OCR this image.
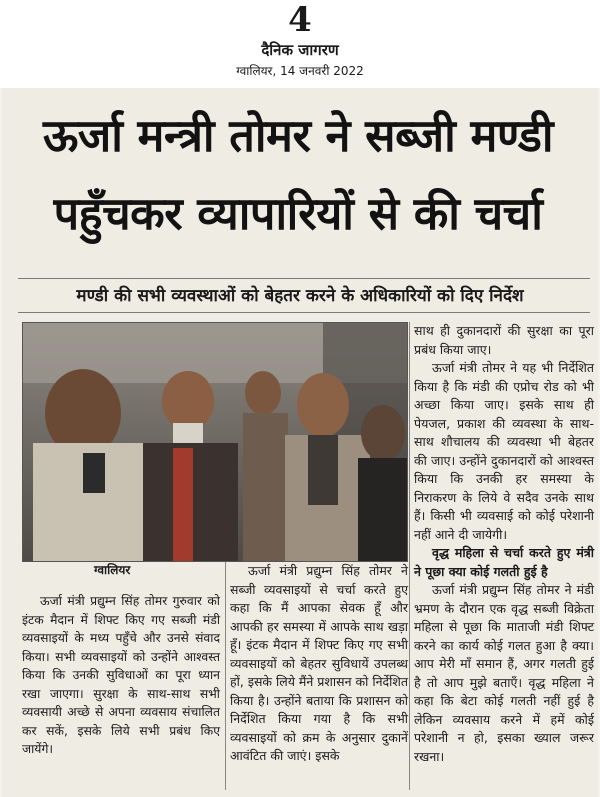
4
दैनिक जागरण
ग्वालियर, 14 जनवरी 2022
ऊर्जा मन्त्री तोमर ने सब्जी मण्डी
पहुँचकर व्यापारियों से की चर्चा
मण्डी की सभी व्यवस्थाओं को बेहतर करने के अधिकारियों को दिए निर्देश
ग्वालियर

साथ ही दुकानदारों की सुरक्षा का पूरा प्रबंध किया जाए।

ऊर्जा मंत्री तोमर ने यह भी निर्देशित किया है कि मंडी की एप्रोच रोड को भी अच्छा किया जाए। इसके साथ ही पेयजल, प्रकाश की व्यवस्था के साथ-साथ शौचालय की व्यवस्था भी बेहतर की जाए। उन्होंने दुकानदारों को आश्वस्त किया कि उनकी हर समस्या के निराकरण के लिये वे सदैव उनके साथ हैं। किसी भी व्यवसाई को कोई परेशानी नहीं आने दी जायेगी।

वृद्ध महिला से चर्चा करते हुए मंत्री ने पूछा क्या कोई गलती हुई है

ऊर्जा मंत्री प्रद्युम्न सिंह तोमर ने मंडी भ्रमण के दौरान एक वृद्ध सब्जी विक्रेता महिला से पूछा कि माताजी मंडी शिफ्ट करने का कार्य कोई गलत हुआ है क्या। आप मेरी माँ समान हैं, अगर गलती हुई है तो आप मुझे बताएँ। वृद्ध महिला ने कहा कि बेटा कोई गलती नहीं हुई है लेकिन व्यवसाय करने में हमें कोई परेशानी न हो, इसका ख्याल जरूर रखना।

ऊर्जा मंत्री प्रद्युम्न सिंह तोमर गुरुवार को इंटक मैदान में शिफ्ट किए गए सब्जी मंडी व्यवसाइयों के मध्य पहुँचे और उनसे संवाद किया। सभी व्यवसाइयों को उन्होंने आश्वस्त किया कि उनकी सुविधाओं का पूरा ध्यान रखा जाएगा। सुरक्षा के साथ-साथ सभी व्यवसायी अच्छे से अपना व्यवसाय संचालित कर सकें, इसके लिये सभी प्रबंध किए जायेंगे।

ऊर्जा मंत्री प्रद्युम्न सिंह तोमर ने सब्जी व्यवसाइयों से चर्चा करते हुए कहा कि मैं आपका सेवक हूँ और आपकी हर समस्या में आपके साथ खड़ा हूँ। इंटक मैदान में शिफ्ट किए गए सभी व्यवसाइयों को बेहतर सुविधायें उपलब्ध हों, इसके लिये मैंने प्रशासन को निर्देशित किया है। उन्होंने बताया कि प्रशासन को निर्देशित किया गया है कि सभी व्यवसाइयों को क्रम के अनुसार दुकानें आवंटित की जाएं। इसके
